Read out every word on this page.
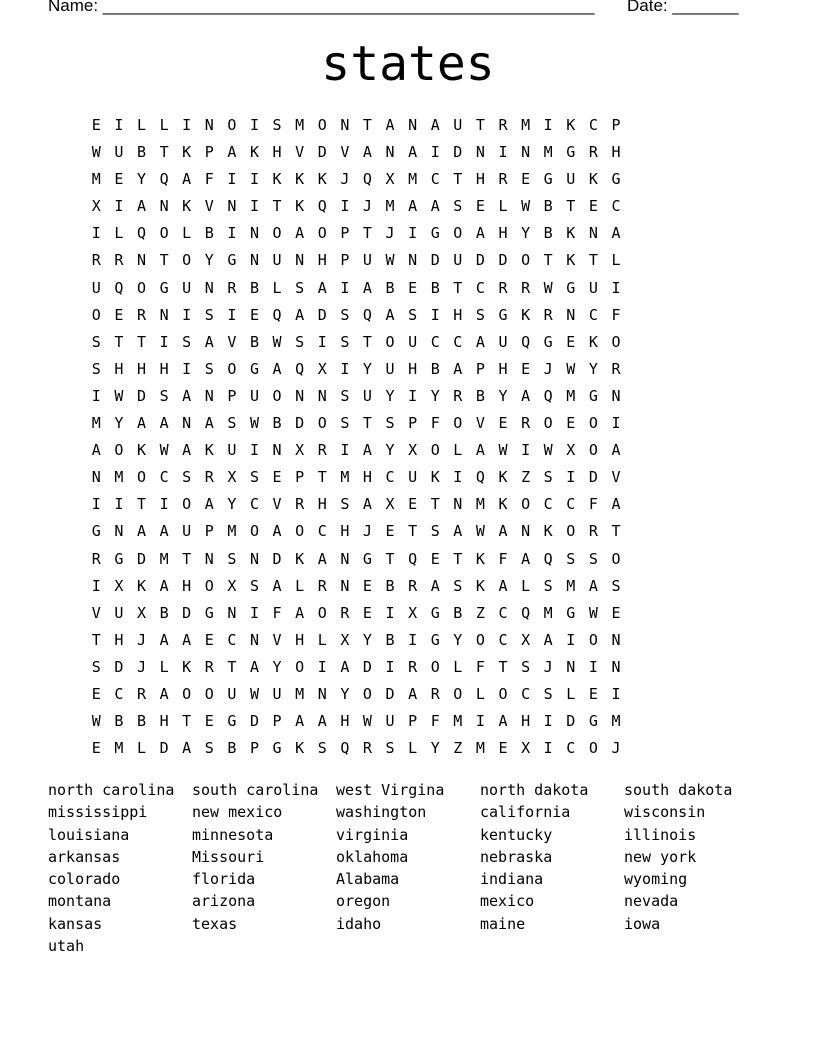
Name: ____________________________________________________ Date: _______
states
E I L L I N O I S M O N T A N A U T R M I K C P
W U B T K P A K H V D V A N A I D N I N M G R H
M E Y Q A F I I K K K J Q X M C T H R E G U K G
X I A N K V N I T K Q I J M A A S E L W B T E C
I L Q O L B I N O A O P T J I G O A H Y B K N A
R R N T O Y G N U N H P U W N D U D D O T K T L
U Q O G U N R B L S A I A B E B T C R R W G U I
O E R N I S I E Q A D S Q A S I H S G K R N C F
S T T I S A V B W S I S T O U C C A U Q G E K O
S H H H I S O G A Q X I Y U H B A P H E J W Y R
I W D S A N P U O N N S U Y I Y R B Y A Q M G N
M Y A A N A S W B D O S T S P F O V E R O E O I
A O K W A K U I N X R I A Y X O L A W I W X O A
N M O C S R X S E P T M H C U K I Q K Z S I D V
I I T I O A Y C V R H S A X E T N M K O C C F A
G N A A U P M O A O C H J E T S A W A N K O R T
R G D M T N S N D K A N G T Q E T K F A Q S S O
I X K A H O X S A L R N E B R A S K A L S M A S
V U X B D G N I F A O R E I X G B Z C Q M G W E
T H J A A E C N V H L X Y B I G Y O C X A I O N
S D J L K R T A Y O I A D I R O L F T S J N I N
E C R A O O U W U M N Y O D A R O L O C S L E I
W B B H T E G D P A A H W U P F M I A H I D G M
E M L D A S B P G K S Q R S L Y Z M E X I C O J
north carolina	south carolina	west Virgina	north dakota	south dakota
mississippi	new mexico	washington	california	wisconsin
louisiana	minnesota	virginia	kentucky	illinois
arkansas	Missouri	oklahoma	nebraska	new york
colorado	florida	Alabama	indiana	wyoming
montana	arizona	oregon	mexico	nevada
kansas	texas	idaho	maine	iowa
utah
